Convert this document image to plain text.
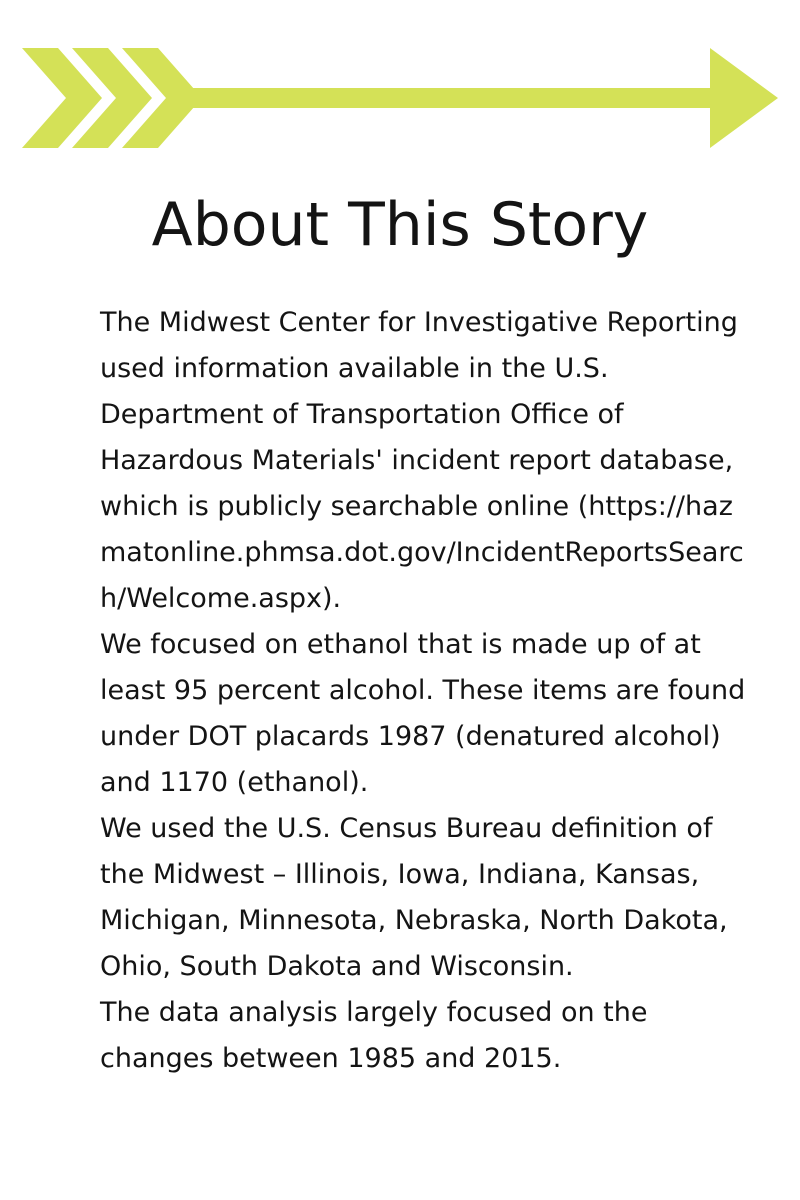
About This Story

The Midwest Center for Investigative Reporting used information available in the U.S. Department of Transportation Office of Hazardous Materials' incident report database, which is publicly searchable online (https://hazmatonline.phmsa.dot.gov/IncidentReportsSearch/Welcome.aspx).

We focused on ethanol that is made up of at least 95 percent alcohol. These items are found under DOT placards 1987 (denatured alcohol) and 1170 (ethanol).

We used the U.S. Census Bureau definition of the Midwest – Illinois, Iowa, Indiana, Kansas, Michigan, Minnesota, Nebraska, North Dakota, Ohio, South Dakota and Wisconsin.

The data analysis largely focused on the changes between 1985 and 2015.
